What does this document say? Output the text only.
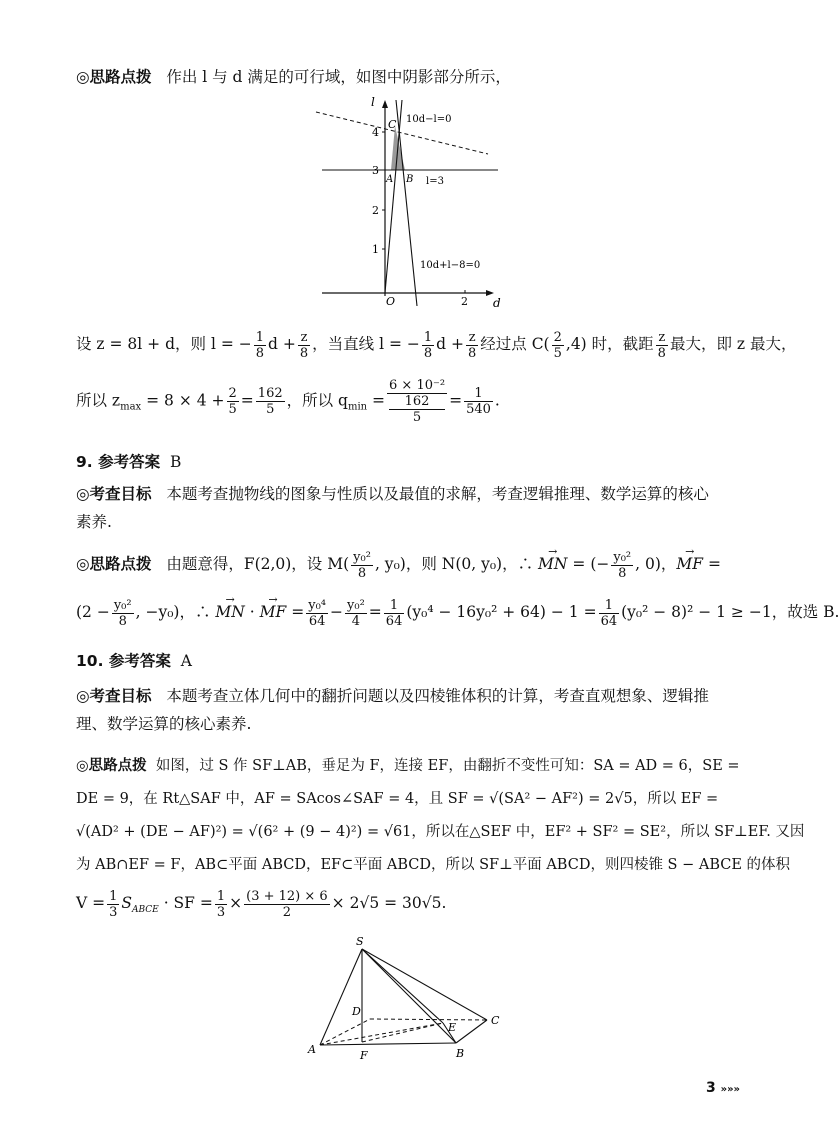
◎思路点拨 作出 l 与 d 满足的可行域，如图中阴影部分所示，
l
d
O
4
3
2
1
2
C
A B
10d−l=0
l=3
10d+l−8=0
设 z = 8l + d，则 l = − $\frac{1}{8}$ $d + \frac{z}{8}$ ，当直线 l = − $\frac{1}{8}$ $d + \frac{z}{8}$ 经过点 $C( \frac{2}{5} ,4)$ 时，截距 $\frac{z}{8}$ 最大，即 z 最大，
所以 $z_{max} = 8 \times 4 + \frac{2}{5} = \frac{162}{5}$ ，所以 $q_{min} = 6 \times 10^{-2}$
162
$5 = \frac{1}{540}$ .
9. 参考答案 B
◎考查目标 本题考查抛物线的图象与性质以及最值的求解，考查逻辑推理、数学运算的核心
素养.
◎思路点拨 由题意得，F(2,0)，设 $M( \frac{\text{y₀²}}{8}$ , y₀)，则 N(0, y₀)，∴ → MN = (− $\frac{\text{y₀²}}{8}$ , 0)，→ MF =
($2 - \frac{\text{y₀²}}{8}$ , −y₀)，∴ → MN · → MF = $\frac{\text{y₀⁴}}{64} - \frac{\text{y₀²}}{4} = \frac{1}{64} (y_0^4 - 16y_0^2 + 64) - 1 = \frac{1}{64} (y_0^2 - 8)^2 - 1 \ge -1$，故选 B.
10. 参考答案 A
◎考查目标 本题考查立体几何中的翻折问题以及四棱锥体积的计算，考查直观想象、逻辑推
理、数学运算的核心素养.
◎思路点拨 如图，过 S 作 SF⊥AB，垂足为 F，连接 EF，由翻折不变性可知：SA = AD = 6，SE =
DE = 9，在 Rt△SAF 中，AF = SAcos∠SAF = 4，且 SF = √(SA² − AF²) = 2√5，所以 EF =
√(AD² + (DE − AF)²) = √(6² + (9 − 4)²) = √61，所以在△SEF 中，EF² + SF² = SE²，所以 SF⊥EF. 又因
为 AB∩EF = F，AB⊂平面 ABCD，EF⊂平面 ABCD，所以 SF⊥平面 ABCD，则四棱锥 S − ABCE 的体积
$V = \frac{1}{3} S_{ABCE}$ · SF = $\frac{1}{3} \times \frac{(3 + 12) \times 6}{2} \times 2√5 = 30√5$.
S
D
E
C
A	F	B
3 »»»
